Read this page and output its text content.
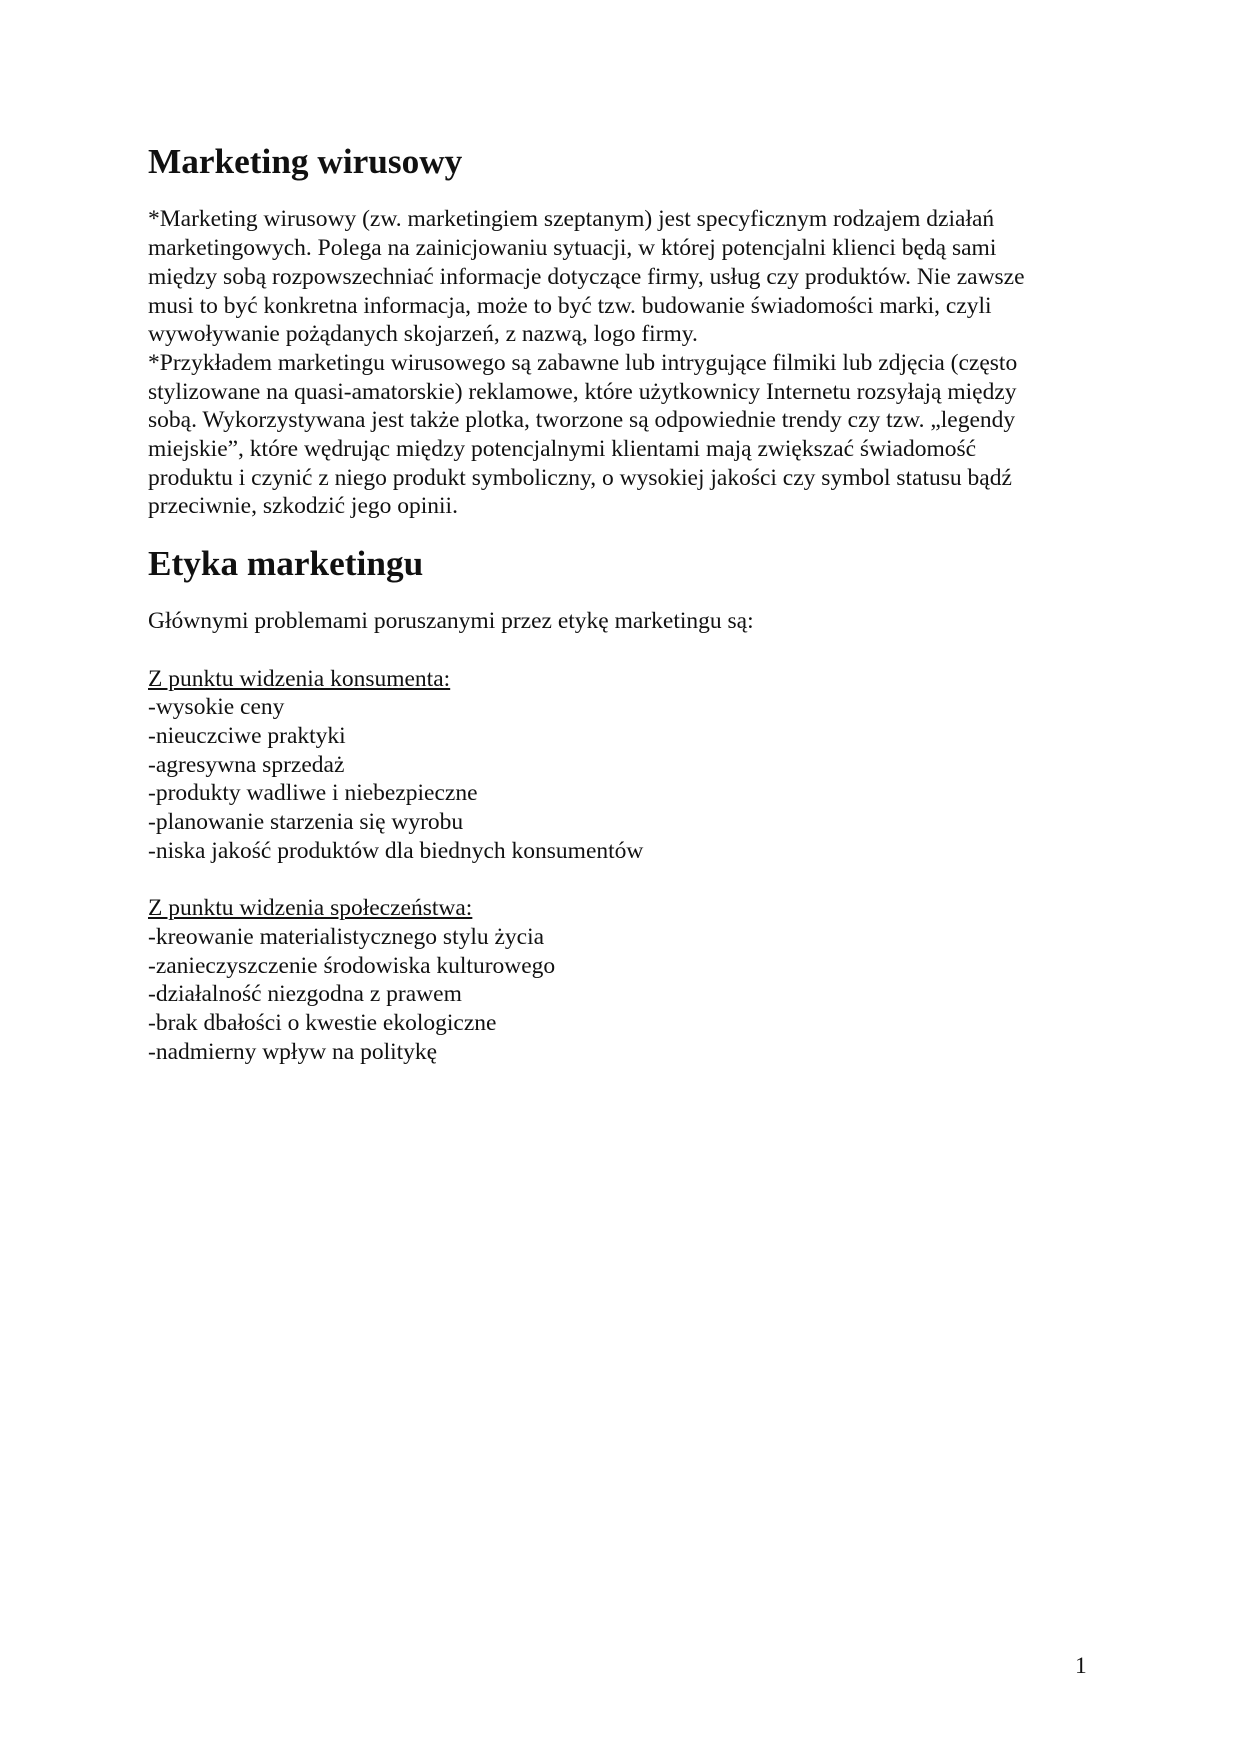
Marketing wirusowy

*Marketing wirusowy (zw. marketingiem szeptanym) jest specyficznym rodzajem działań
marketingowych. Polega na zainicjowaniu sytuacji, w której potencjalni klienci będą sami
między sobą rozpowszechniać informacje dotyczące firmy, usług czy produktów. Nie zawsze
musi to być konkretna informacja, może to być tzw. budowanie świadomości marki, czyli
wywoływanie pożądanych skojarzeń, z nazwą, logo firmy.
*Przykładem marketingu wirusowego są zabawne lub intrygujące filmiki lub zdjęcia (często
stylizowane na quasi-amatorskie) reklamowe, które użytkownicy Internetu rozsyłają między
sobą. Wykorzystywana jest także plotka, tworzone są odpowiednie trendy czy tzw. „legendy
miejskie”, które wędrując między potencjalnymi klientami mają zwiększać świadomość
produktu i czynić z niego produkt symboliczny, o wysokiej jakości czy symbol statusu bądź
przeciwnie, szkodzić jego opinii.

Etyka marketingu

Głównymi problemami poruszanymi przez etykę marketingu są:

Z punktu widzenia konsumenta:
-wysokie ceny
-nieuczciwe praktyki
-agresywna sprzedaż
-produkty wadliwe i niebezpieczne
-planowanie starzenia się wyrobu
-niska jakość produktów dla biednych konsumentów
Z punktu widzenia społeczeństwa:
-kreowanie materialistycznego stylu życia
-zanieczyszczenie środowiska kulturowego
-działalność niezgodna z prawem
-brak dbałości o kwestie ekologiczne
-nadmierny wpływ na politykę
1
